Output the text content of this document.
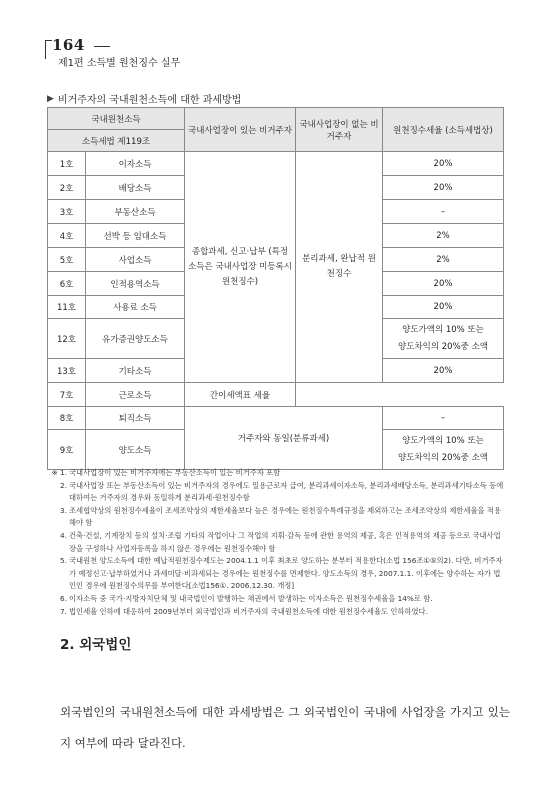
164
제1편 소득별 원천징수 실무
▶ 비거주자의 국내원천소득에 대한 과세방법
국내원천소득		국내사업장이 있는 비거주자	국내사업장이 없는 비거주자	원천징수세율 (소득세법상)
소득세법 제119조				
1호	이자소득	종합과세, 신고·납부 (특정소득은 국내사업장 미등록시 원천징수)	분리과세, 완납적 원천징수	20%
2호	배당소득			20%
3호	부동산소득			–
4호	선박 등 임대소득			2%
5호	사업소득			2%
6호	인적용역소득			20%
11호	사용료 소득			20%
12호	유가증권양도소득			양도가액의 10% 또는 양도차익의 20%중 소액
13호	기타소득			20%
7호	근로소득	간이세액표 세율		
8호	퇴직소득	거주자와 동일(분류과세)		–
9호	양도소득			양도가액의 10% 또는 양도차익의 20%중 소액
※ 1. 국내사업장이 있는 비거주자에는 부동산소득이 있는 비거주자 포함
2. 국내사업장 또는 부동산소득이 있는 비거주자의 경우에도 일용근로자 급여, 분리과세이자소득, 분리과세배당소득, 분리과세기타소득 등에 대하여는 거주자의 경우와 동일하게 분리과세·원천징수함
3. 조세협약상의 원천징수세율이 조세조약상의 제한세율보다 높은 경우에는 원천징수특례규정을 제외하고는 조세조약상의 제한세율을 적용해야 함
4. 건축·건설, 기계장치 등의 설치·조립 기타의 작업이나 그 작업의 지휘·감독 등에 관한 용역의 제공, 혹은 인적용역의 제공 등으로 국내사업장을 구성하나 사업자등록을 하지 않은 경우에는 원천징수해야 함
5. 국내원천 양도소득에 대한 예납적원천징수제도는 2004.1.1 이후 최초로 양도하는 분부터 적용한다(소법 156조①⑤의2). 다만, 비거주자가 예정신고·납부하였거나 과세미달·비과세되는 경우에는 원천징수를 면제한다. 양도소득의 경우, 2007.1.1. 이후에는 양수하는 자가 법인인 경우에 원천징수의무를 부여한다[소법156①. 2006.12.30. 개정]
6. 이자소득 중 국가·지방자치단체 및 내국법인이 발행하는 채권에서 발생하는 이자소득은 원천징수세율을 14%로 함.
7. 법인세율 인하에 대응하여 2009년부터 외국법인과 비거주자의 국내원천소득에 대한 원천징수세율도 인하하였다.
2. 외국법인
외국법인의 국내원천소득에 대한 과세방법은 그 외국법인이 국내에 사업장을 가지고 있는지 여부에 따라 달라진다.
